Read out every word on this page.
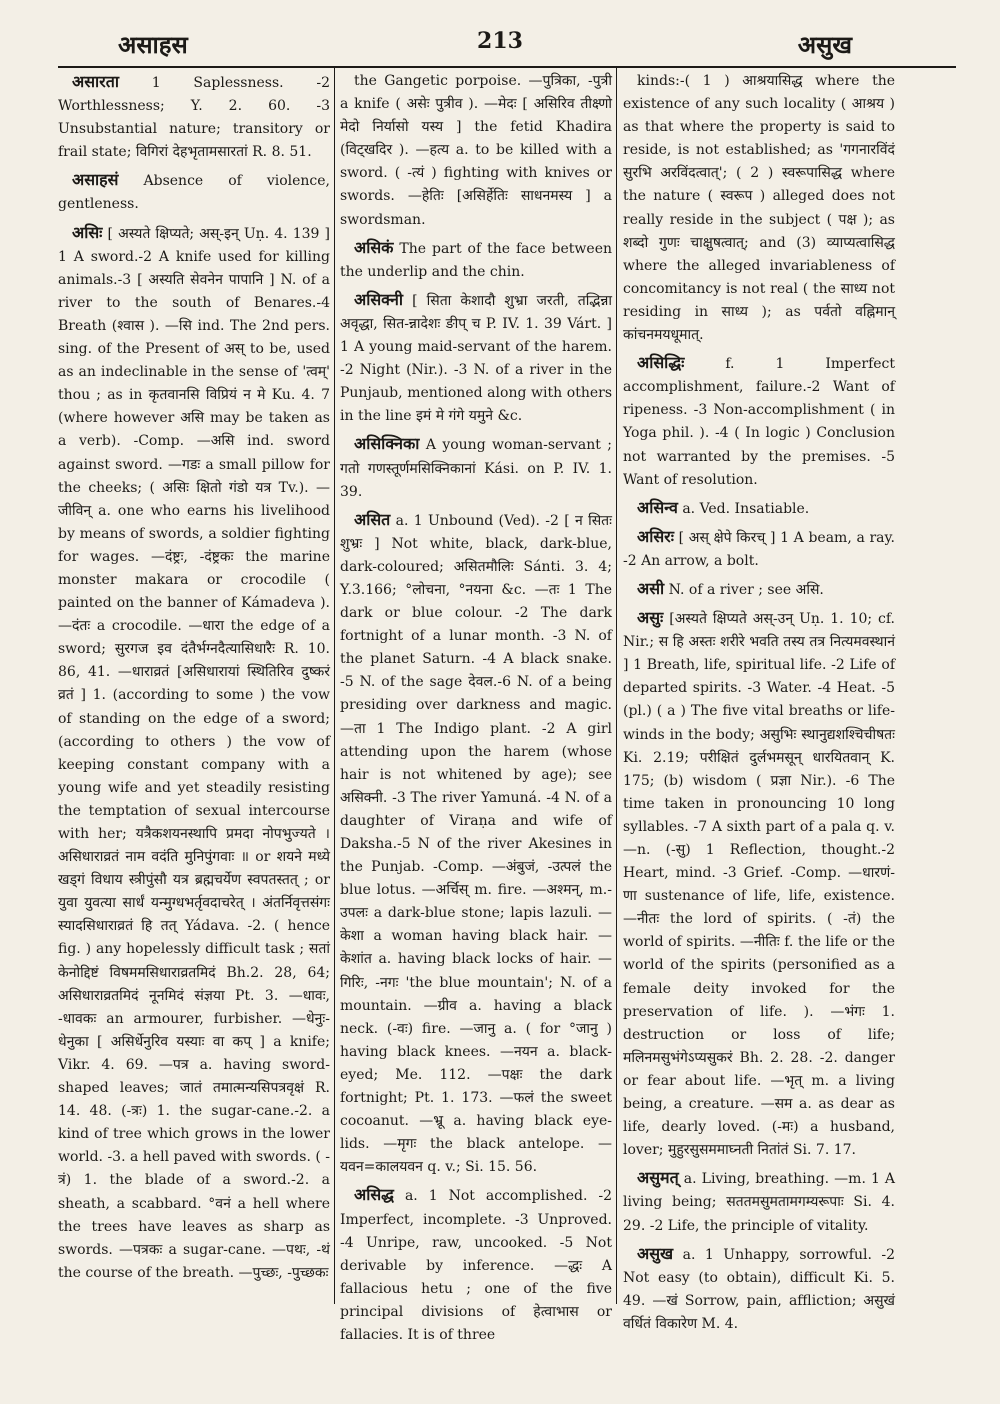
असाहस	213	असुख

असारता 1 Saplessness. -2 Worthlessness; Y. 2. 60. -3 Unsubstantial nature; transitory or frail state; विगिरां देहभृतामसारतां R. 8. 51.

असाहसं Absence of violence, gentleness.

असिः [ अस्यते क्षिप्यते; अस्-इन् Uṇ. 4. 139 ] 1 A sword.-2 A knife used for killing animals.-3 [ अस्यति सेवनेन पापानि ] N. of a river to the south of Benares.-4 Breath (श्वास ). —सि ind. The 2nd pers. sing. of the Present of अस् to be, used as an indeclinable in the sense of 'त्वम्' thou ; as in कृतवानसि विप्रियं न मे Ku. 4. 7 (where however असि may be taken as a verb). -Comp. —असि ind. sword against sword. —गडः a small pillow for the cheeks; ( असिः क्षितो गंडो यत्र Tv.). —जीविन् a. one who earns his livelihood by means of swords, a soldier fighting for wages. —दंष्ट्रः, -दंष्ट्रकः the marine monster makara or crocodile ( painted on the banner of Kámadeva ). —दंतः a crocodile. —धारा the edge of a sword; सुरगज इव दंतैर्भग्नदैत्यासिधारैः R. 10. 86, 41. —धाराव्रतं [असिधारायां स्थितिरिव दुष्करं व्रतं ] 1. (according to some ) the vow of standing on the edge of a sword; (according to others ) the vow of keeping constant company with a young wife and yet steadily resisting the temptation of sexual intercourse with her; यत्रैकशयनस्थापि प्रमदा नोपभुज्यते । असिधाराव्रतं नाम वदंति मुनिपुंगवाः ॥ or शयने मध्ये खड्गं विधाय स्त्रीपुंसौ यत्र ब्रह्मचर्येण स्वपतस्तत् ; or युवा युवत्या सार्धं यन्मुग्धभर्तृवदाचरेत् । अंतर्निवृत्तसंगः स्यादसिधाराव्रतं हि तत् Yádava. -2. ( hence fig. ) any hopelessly difficult task ; सतां केनोद्दिष्टं विषममसिधाराव्रतमिदं Bh.2. 28, 64; असिधाराव्रतमिदं नूनमिदं संज्ञया Pt. 3. —धावः, -धावकः an armourer, furbisher. —धेनुः-धेनुका [ असिर्धेनुरिव यस्याः वा कप् ] a knife; Vikr. 4. 69. —पत्र a. having sword-shaped leaves; जातं तमात्मन्यसिपत्रवृक्षं R. 14. 48. (-त्रः) 1. the sugar-cane.-2. a kind of tree which grows in the lower world. -3. a hell paved with swords. ( -त्रं) 1. the blade of a sword.-2. a sheath, a scabbard. °वनं a hell where the trees have leaves as sharp as swords. —पत्रकः a sugar-cane. —पथः, -थं the course of the breath. —पुच्छः, -पुच्छकः

the Gangetic porpoise. —पुत्रिका, -पुत्री a knife ( असेः पुत्रीव ). —मेदः [ असिरिव तीक्ष्णो मेदो निर्यासो यस्य ] the fetid Khadira (विट्खदिर ). —हत्य a. to be killed with a sword. ( -त्यं ) fighting with knives or swords. —हेतिः [असिर्हेतिः साधनमस्य ] a swordsman.

असिकं The part of the face between the underlip and the chin.

असिक्नी [ सिता केशादौ शुभ्रा जरती, तद्भिन्ना अवृद्धा, सित-न्नादेशः ङीप् च P. IV. 1. 39 Várt. ] 1 A young maid-servant of the harem. -2 Night (Nir.). -3 N. of a river in the Punjaub, mentioned along with others in the line इमं मे गंगे यमुने &c.

असिक्निका A young woman-servant ; गतो गणस्तूर्णमसिक्निकानां Kási. on P. IV. 1. 39.

असित a. 1 Unbound (Ved). -2 [ न सितः शुभ्रः ] Not white, black, dark-blue, dark-coloured; असितमौलिः Sánti. 3. 4; Y.3.166; °लोचना, °नयना &c. —तः 1 The dark or blue colour. -2 The dark fortnight of a lunar month. -3 N. of the planet Saturn. -4 A black snake. -5 N. of the sage देवल.-6 N. of a being presiding over darkness and magic. —ता 1 The Indigo plant. -2 A girl attending upon the harem (whose hair is not whitened by age); see असिक्नी. -3 The river Yamuná. -4 N. of a daughter of Viraṇa and wife of Daksha.-5 N of the river Akesines in the Punjab. -Comp. —अंबुजं, -उत्पलं the blue lotus. —अर्चिस् m. fire. —अश्मन्, m.-उपलः a dark-blue stone; lapis lazuli. —केशा a woman having black hair. —केशांत a. having black locks of hair. —गिरिः, -नगः 'the blue mountain'; N. of a mountain. —ग्रीव a. having a black neck. (-वः) fire. —जानु a. ( for °जानु ) having black knees. —नयन a. black-eyed; Me. 112. —पक्षः the dark fortnight; Pt. 1. 173. —फलं the sweet cocoanut. —भ्रू a. having black eye-lids. —मृगः the black antelope. —यवन=कालयवन q. v.; Si. 15. 56.

असिद्ध a. 1 Not accomplished. -2 Imperfect, incomplete. -3 Unproved. -4 Unripe, raw, uncooked. -5 Not derivable by inference. —द्धः A fallacious hetu ; one of the five principal divisions of हेत्वाभास or fallacies. It is of three

kinds:-( 1 ) आश्रयासिद्ध where the existence of any such locality ( आश्रय ) as that where the property is said to reside, is not established; as 'गगनारविंदं सुरभि अरविंदत्वात्'; ( 2 ) स्वरूपासिद्ध where the nature ( स्वरूप ) alleged does not really reside in the subject ( पक्ष ); as शब्दो गुणः चाक्षुषत्वात्; and (3) व्याप्यत्वासिद्ध where the alleged invariableness of concomitancy is not real ( the साध्य not residing in साध्य ); as पर्वतो वह्निमान् कांचनमयधूमात्.

असिद्धिः	f. 1 Imperfect accomplishment, failure.-2 Want of ripeness. -3 Non-accomplishment ( in Yoga phil. ). -4 ( In logic ) Conclusion not warranted by the premises. -5 Want of resolution.

असिन्व a. Ved. Insatiable.

असिरः [ अस् क्षेपे किरच् ] 1 A beam, a ray. -2 An arrow, a bolt.

असी N. of a river ; see असि.

असुः [अस्यते क्षिप्यते अस्-उन् Uṇ. 1. 10; cf. Nir.; स हि अस्तः शरीरे भवति तस्य तत्र नित्यमवस्थानं ] 1 Breath, life, spiritual life. -2 Life of departed spirits. -3 Water. -4 Heat. -5 (pl.) ( a ) The five vital breaths or life-winds in the body; असुभिः स्थानुद्यशश्चिचीषतः Ki. 2.19; परीक्षितं दुर्लभमसून् धारयितवान् K. 175; (b) wisdom ( प्रज्ञा Nir.). -6 The time taken in pronouncing 10 long syllables. -7 A sixth part of a pala q. v. —n. (-सु) 1 Reflection, thought.-2 Heart, mind. -3 Grief. -Comp. —धारणं-णा sustenance of life, life, existence. —नीतः the lord of spirits. ( -तं) the world of spirits. —नीतिः f. the life or the world of the spirits (personified as a female deity invoked for the preservation of life. ). —भंगः 1. destruction or loss of life; मलिनमसुभंगेऽप्यसुकरं Bh. 2. 28. -2. danger or fear about life. —भृत् m. a living being, a creature. —सम a. as dear as life, dearly loved. (-मः) a husband, lover; मुहुरसुसममाघ्नती नितांतं Si. 7. 17.

असुमत् a. Living, breathing. —m. 1 A living being; सततमसुमतामगम्यरूपाः Si. 4. 29. -2 Life, the principle of vitality.

असुख a. 1 Unhappy, sorrowful. -2 Not easy (to obtain), difficult Ki. 5. 49. —खं Sorrow, pain, affliction; असुखं वर्धितं विकारेण M. 4.
